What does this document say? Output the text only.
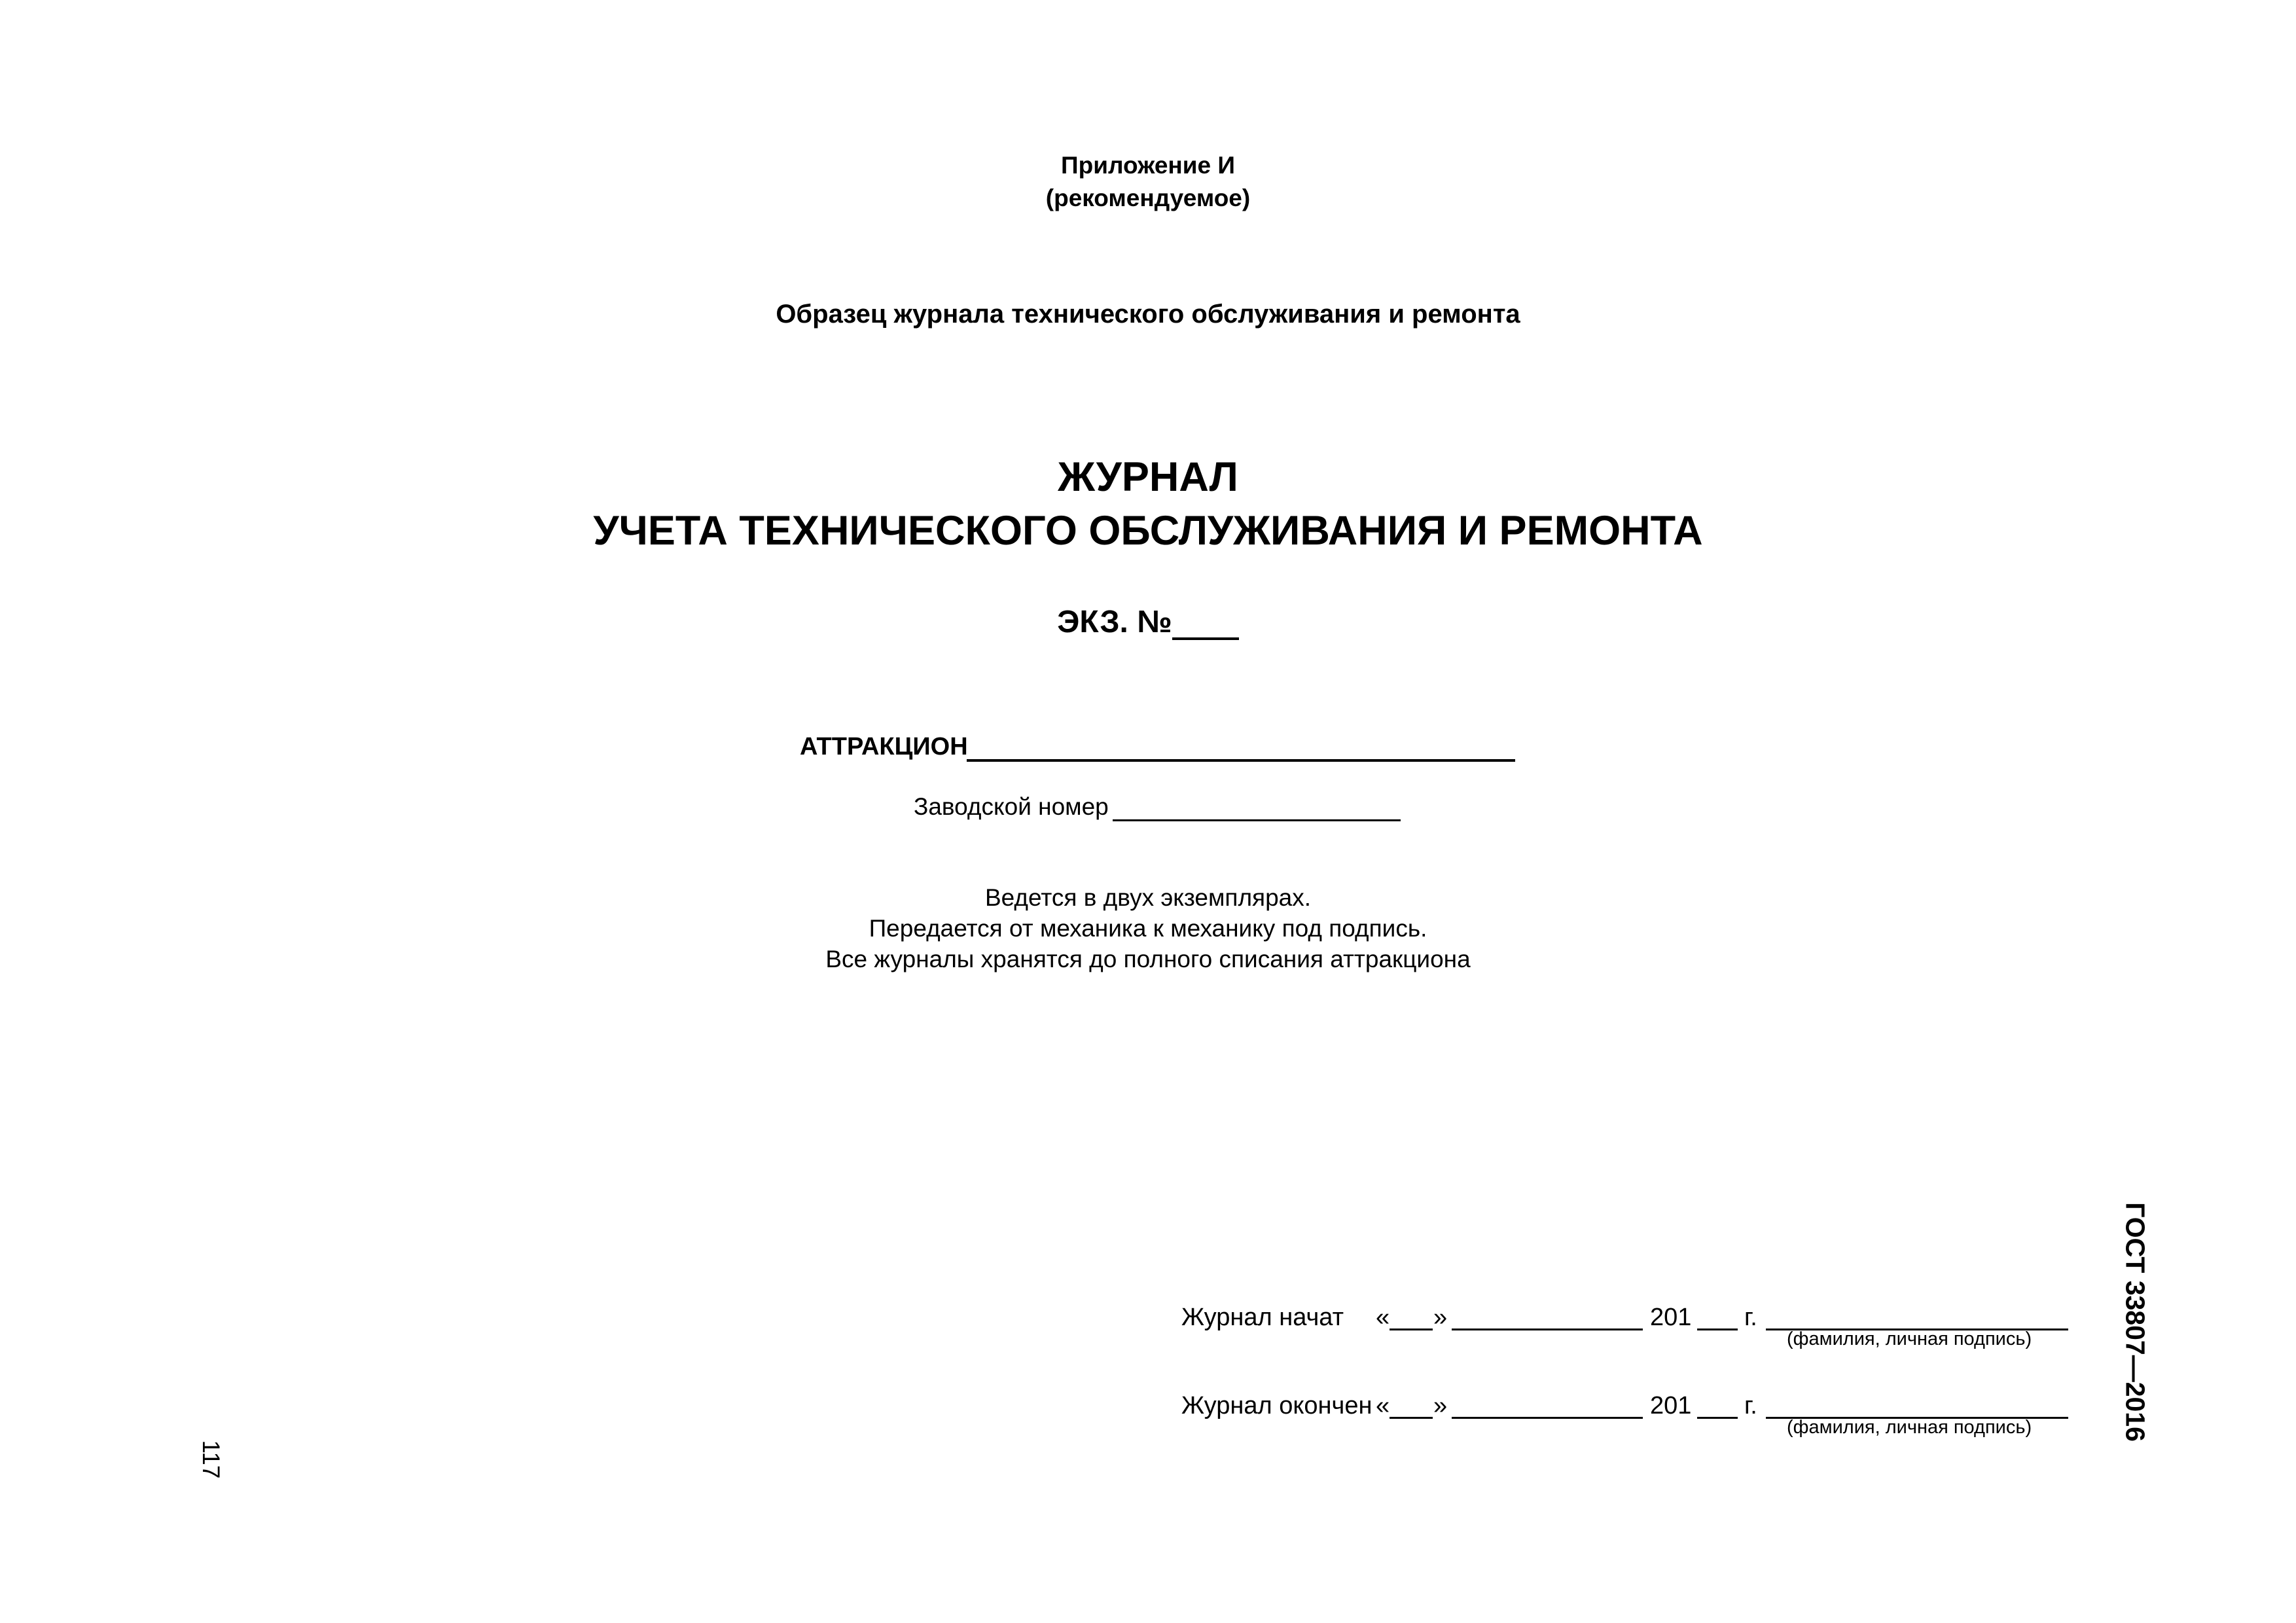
Приложение И
(рекомендуемое)
Образец журнала технического обслуживания и ремонта
ЖУРНАЛ
УЧЕТА ТЕХНИЧЕСКОГО ОБСЛУЖИВАНИЯ И РЕМОНТА
ЭКЗ. №
АТТРАКЦИОН
Заводской номер
Ведется в двух экземплярах.
Передается от механика к механику под подпись.
Все журналы хранятся до полного списания аттракциона
Журнал начат « »	201 г.
(фамилия, личная подпись)
Журнал окончен « »	201 г.
(фамилия, личная подпись)	ГОСТ 33807—2016
117
